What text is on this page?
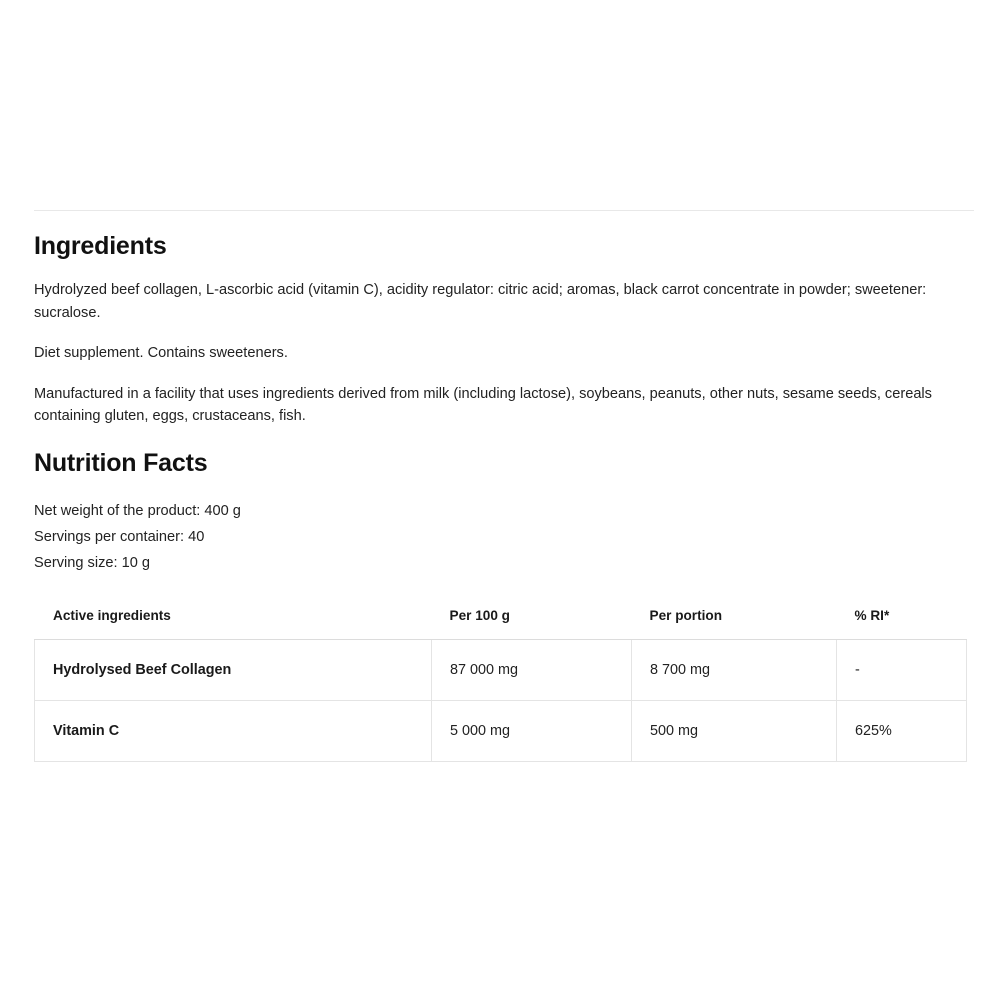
Ingredients

Hydrolyzed beef collagen, L-ascorbic acid (vitamin C), acidity regulator: citric acid; aromas, black carrot concentrate in powder; sweetener: sucralose.

Diet supplement. Contains sweeteners.

Manufactured in a facility that uses ingredients derived from milk (including lactose), soybeans, peanuts, other nuts, sesame seeds, cereals containing gluten, eggs, crustaceans, fish.

Nutrition Facts
Net weight of the product: 400 g
Servings per container: 40
Serving size: 10 g
Active ingredients	Per 100 g	Per portion	% RI*
Hydrolysed Beef Collagen	87 000 mg	8 700 mg	-
Vitamin C	5 000 mg	500 mg	625%
